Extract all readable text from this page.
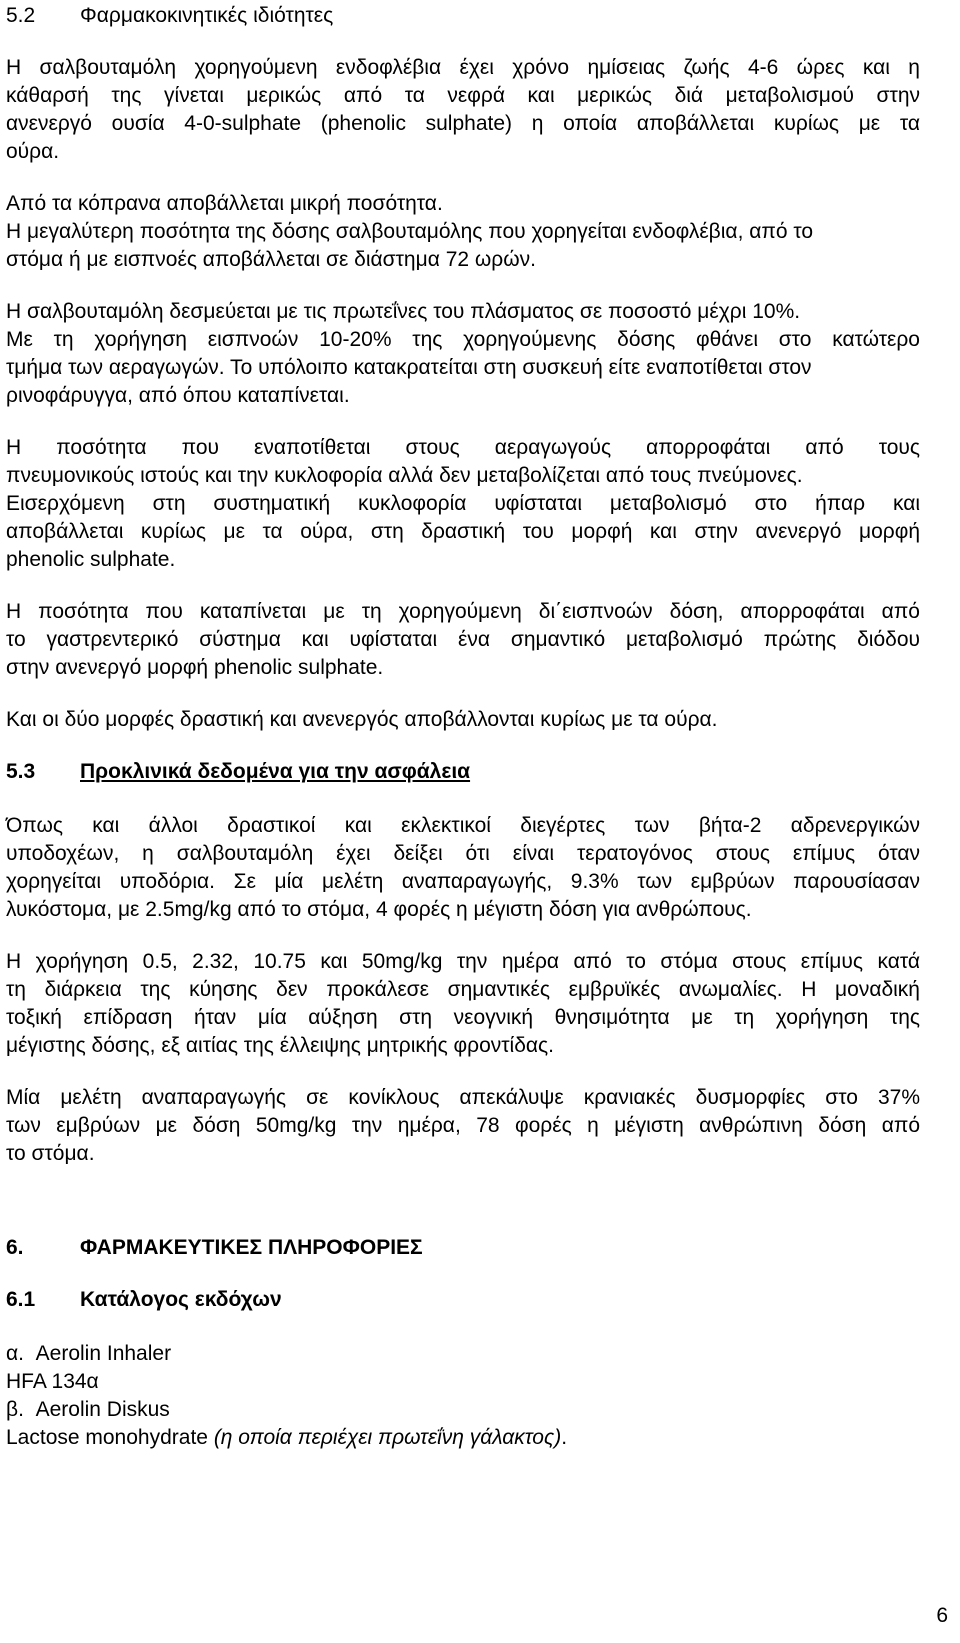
5.2 Φαρμακοκινητικές ιδιότητες
Η σαλβουταμόλη χορηγούμενη ενδοφλέβια έχει χρόνο ημίσειας ζωής 4-6 ώρες και η
κάθαρσή της γίνεται μερικώς από τα νεφρά και μερικώς διά μεταβολισμού στην
ανενεργό ουσία 4-0-sulphate (phenolic sulphate) η οποία αποβάλλεται κυρίως με τα
ούρα.
Από τα κόπρανα αποβάλλεται μικρή ποσότητα.
Η μεγαλύτερη ποσότητα της δόσης σαλβουταμόλης που χορηγείται ενδοφλέβια, από το
στόμα ή με εισπνοές αποβάλλεται σε διάστημα 72 ωρών.
Η σαλβουταμόλη δεσμεύεται με τις πρωτεΐνες του πλάσματος σε ποσοστό μέχρι 10%.
Με τη χορήγηση εισπνοών 10-20% της χορηγούμενης δόσης φθάνει στο κατώτερο
τμήμα των αεραγωγών. Το υπόλοιπο κατακρατείται στη συσκευή είτε εναποτίθεται στον
ρινοφάρυγγα, από όπου καταπίνεται.
Η ποσότητα που εναποτίθεται στους αεραγωγούς απορροφάται από τους
πνευμονικούς ιστούς και την κυκλοφορία αλλά δεν μεταβολίζεται από τους πνεύμονες.
Εισερχόμενη στη συστηματική κυκλοφορία υφίσταται μεταβολισμό στο ήπαρ και
αποβάλλεται κυρίως με τα ούρα, στη δραστική του μορφή και στην ανενεργό μορφή
phenolic sulphate.
Η ποσότητα που καταπίνεται με τη χορηγούμενη δι΄εισπνοών δόση, απορροφάται από
το γαστρεντερικό σύστημα και υφίσταται ένα σημαντικό μεταβολισμό πρώτης διόδου
στην ανενεργό μορφή phenolic sulphate.
Και οι δύο μορφές δραστική και ανενεργός αποβάλλονται κυρίως με τα ούρα.
5.3 Προκλινικά δεδομένα για την ασφάλεια
Όπως και άλλοι δραστικοί και εκλεκτικοί διεγέρτες των βήτα-2 αδρενεργικών
υποδοχέων, η σαλβουταμόλη έχει δείξει ότι είναι τερατογόνος στους επίμυς όταν
χορηγείται υποδόρια. Σε μία μελέτη αναπαραγωγής, 9.3% των εμβρύων παρουσίασαν
λυκόστομα, με 2.5mg/kg από το στόμα, 4 φορές η μέγιστη δόση για ανθρώπους.
Η χορήγηση 0.5, 2.32, 10.75 και 50mg/kg την ημέρα από το στόμα στους επίμυς κατά
τη διάρκεια της κύησης δεν προκάλεσε σημαντικές εμβρυϊκές ανωμαλίες. Η μοναδική
τοξική επίδραση ήταν μία αύξηση στη νεογνική θνησιμότητα με τη χορήγηση της
μέγιστης δόσης, εξ αιτίας της έλλειψης μητρικής φροντίδας.
Μία μελέτη αναπαραγωγής σε κονίκλους απεκάλυψε κρανιακές δυσμορφίες στο 37%
των εμβρύων με δόση 50mg/kg την ημέρα, 78 φορές η μέγιστη ανθρώπινη δόση από
το στόμα.
6.	ΦΑΡΜΑΚΕΥΤΙΚΕΣ ΠΛΗΡΟΦΟΡΙΕΣ
6.1 Κατάλογος εκδόχων
α. Aerolin Inhaler
HFA 134α
β. Aerolin Diskus
Lactose monohydrate (η οποία περιέχει πρωτεΐνη γάλακτος).
6
